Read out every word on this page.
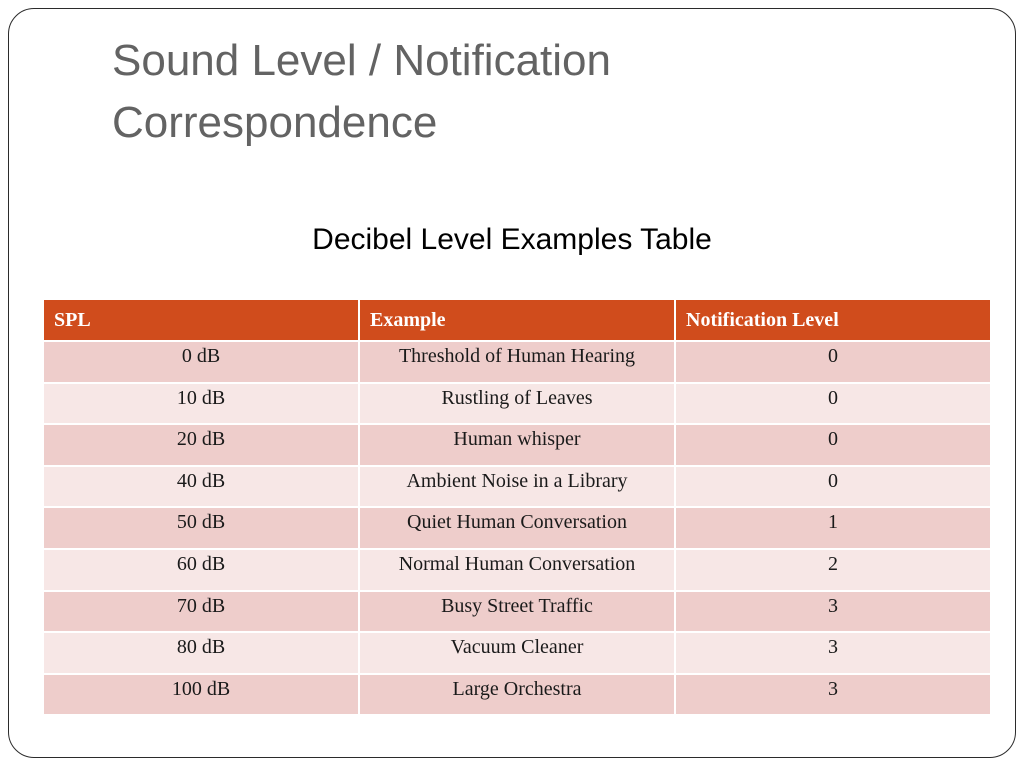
Sound Level / Notification
Correspondence

Decibel Level Examples Table

SPL	Example	Notification Level
0 dB	Threshold of Human Hearing	0
10 dB	Rustling of Leaves	0
20 dB	Human whisper	0
40 dB	Ambient Noise in a Library	0
50 dB	Quiet Human Conversation	1
60 dB	Normal Human Conversation	2
70 dB	Busy Street Traffic	3
80 dB	Vacuum Cleaner	3
100 dB	Large Orchestra	3
